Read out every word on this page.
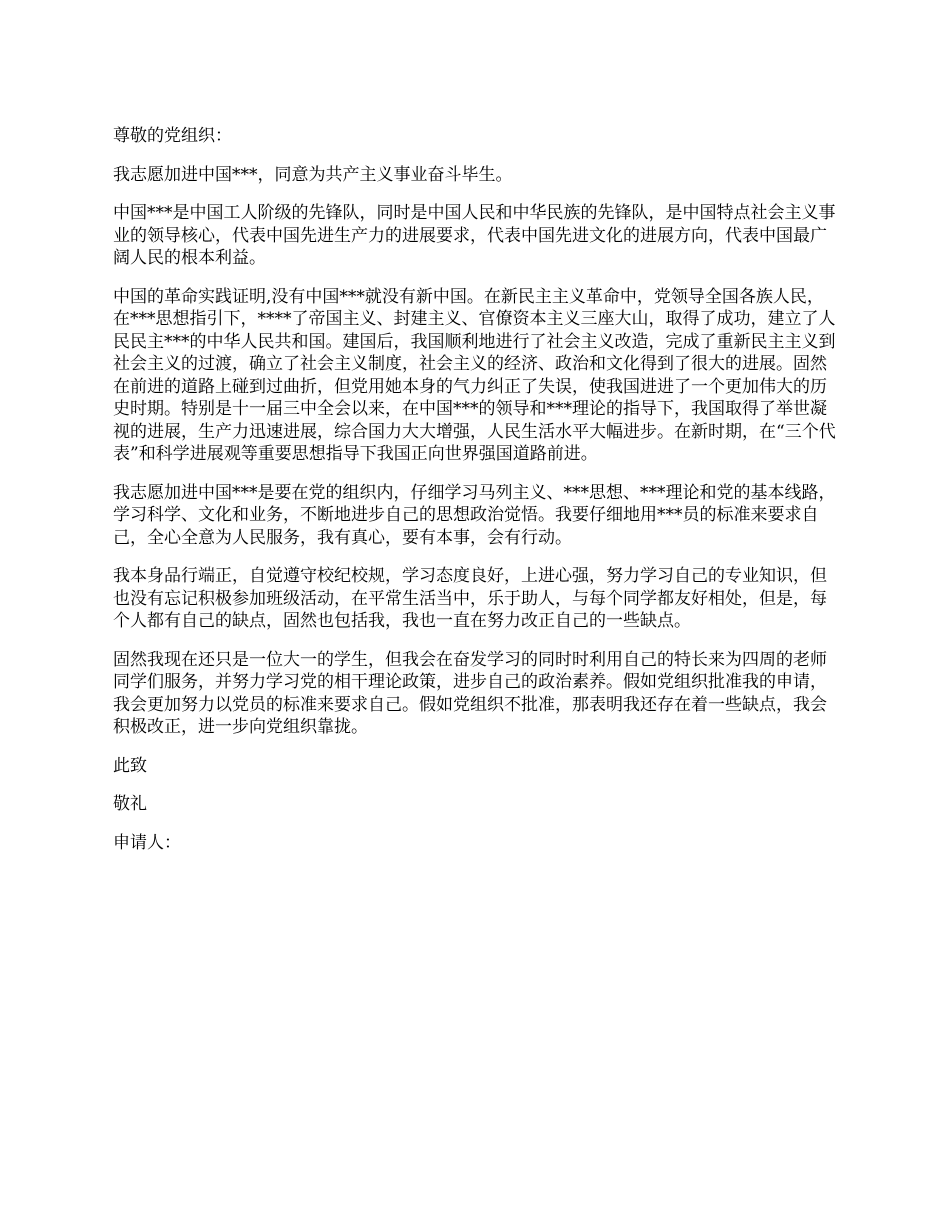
尊敬的党组织：

我志愿加进中国***，同意为共产主义事业奋斗毕生。

中国***是中国工人阶级的先锋队，同时是中国人民和中华民族的先锋队，是中国特点社会主义事业的领导核心，代表中国先进生产力的进展要求，代表中国先进文化的进展方向，代表中国最广阔人民的根本利益。

中国的革命实践证明,没有中国***就没有新中国。在新民主主义革命中，党领导全国各族人民，在***思想指引下，****了帝国主义、封建主义、官僚资本主义三座大山，取得了成功，建立了人民民主***的中华人民共和国。建国后，我国顺利地进行了社会主义改造，完成了重新民主主义到社会主义的过渡，确立了社会主义制度，社会主义的经济、政治和文化得到了很大的进展。固然在前进的道路上碰到过曲折，但党用她本身的气力纠正了失误，使我国进进了一个更加伟大的历史时期。特别是十一届三中全会以来，在中国***的领导和***理论的指导下，我国取得了举世凝视的进展，生产力迅速进展，综合国力大大增强，人民生活水平大幅进步。在新时期，在“三个代表”和科学进展观等重要思想指导下我国正向世界强国道路前进。

我志愿加进中国***是要在党的组织内，仔细学习马列主义、***思想、***理论和党的基本线路，学习科学、文化和业务，不断地进步自己的思想政治觉悟。我要仔细地用***员的标准来要求自己，全心全意为人民服务，我有真心，要有本事，会有行动。

我本身品行端正，自觉遵守校纪校规，学习态度良好，上进心强，努力学习自己的专业知识，但也没有忘记积极参加班级活动，在平常生活当中，乐于助人，与每个同学都友好相处，但是，每个人都有自己的缺点，固然也包括我，我也一直在努力改正自己的一些缺点。

固然我现在还只是一位大一的学生，但我会在奋发学习的同时时利用自己的特长来为四周的老师同学们服务，并努力学习党的相干理论政策，进步自己的政治素养。假如党组织批准我的申请，我会更加努力以党员的标准来要求自己。假如党组织不批准，那表明我还存在着一些缺点，我会积极改正，进一步向党组织靠拢。

此致

敬礼

申请人：
